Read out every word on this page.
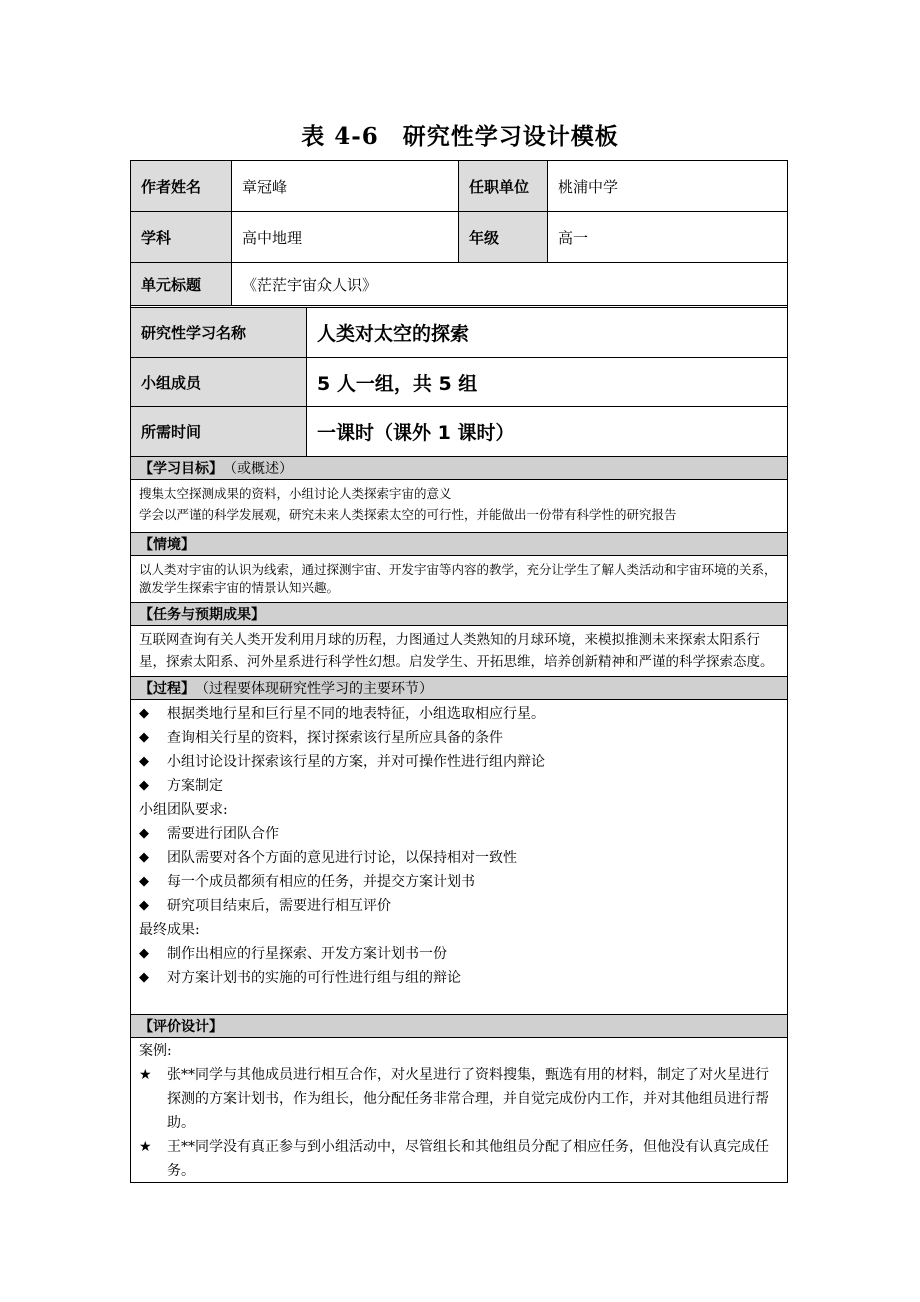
表 4-6　研究性学习设计模板
作者姓名	章冠峰	任职单位	桃浦中学
学科	高中地理	年级	高一
单元标题	《茫茫宇宙众人识》
研究性学习名称	人类对太空的探索
小组成员	5 人一组，共 5 组
所需时间	一课时（课外 1 课时）
【学习目标】 （或概述）
搜集太空探测成果的资料，小组讨论人类探索宇宙的意义
学会以严谨的科学发展观，研究未来人类探索太空的可行性，并能做出一份带有科学性的研究报告
【情境】
以人类对宇宙的认识为线索，通过探测宇宙、开发宇宙等内容的教学，充分让学生了解人类活动和宇宙环境的关系，激发学生探索宇宙的情景认知兴趣。
【任务与预期成果】
互联网查询有关人类开发利用月球的历程，力图通过人类熟知的月球环境，来模拟推测未来探索太阳系行星，探索太阳系、河外星系进行科学性幻想。启发学生、开拓思维，培养创新精神和严谨的科学探索态度。
【过程】 （过程要体现研究性学习的主要环节）
◆	根据类地行星和巨行星不同的地表特征，小组选取相应行星。
◆	查询相关行星的资料，探讨探索该行星所应具备的条件
◆	小组讨论设计探索该行星的方案，并对可操作性进行组内辩论
◆	方案制定
小组团队要求:
◆	需要进行团队合作
◆	团队需要对各个方面的意见进行讨论，以保持相对一致性
◆	每一个成员都须有相应的任务，并提交方案计划书
◆	研究项目结束后，需要进行相互评价
最终成果:
◆	制作出相应的行星探索、开发方案计划书一份
◆	对方案计划书的实施的可行性进行组与组的辩论
【评价设计】
案例:
★	张**同学与其他成员进行相互合作，对火星进行了资料搜集，甄选有用的材料，制定了对火星进行探测的方案计划书，作为组长，他分配任务非常合理，并自觉完成份内工作，并对其他组员进行帮助。
★	王**同学没有真正参与到小组活动中，尽管组长和其他组员分配了相应任务，但他没有认真完成任务。
